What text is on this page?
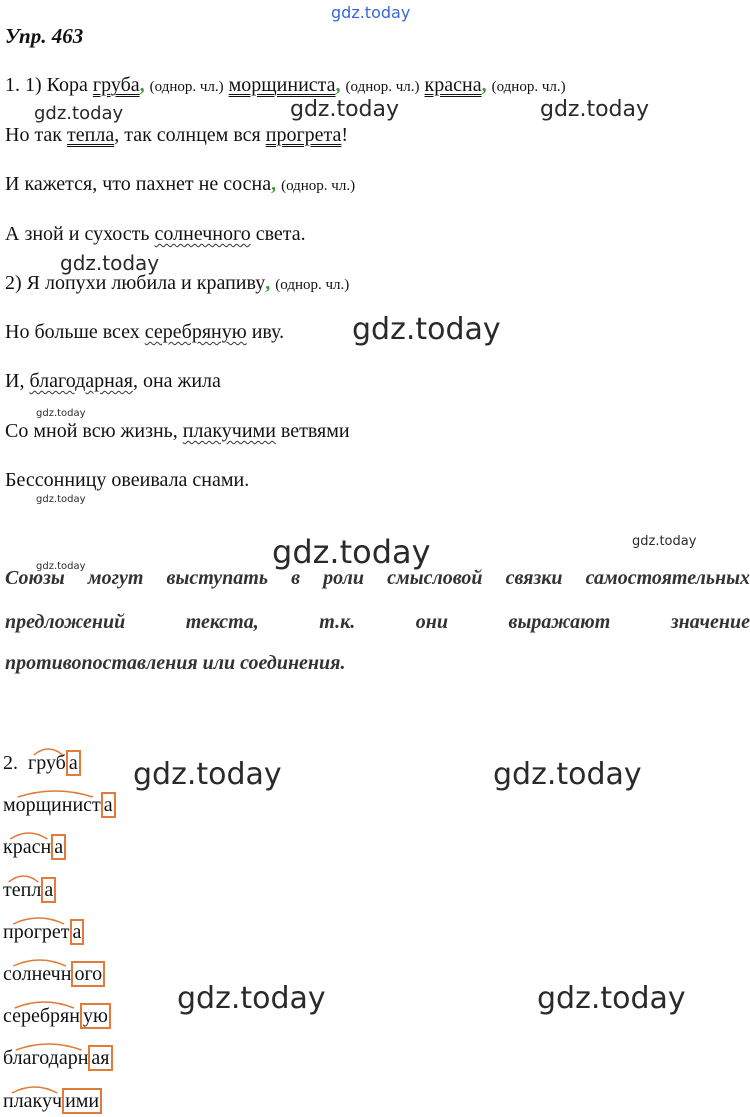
Упр. 463
gdz.today
gdz.today	gdz.today	gdz.today
gdz.today
gdz.today
gdz.today
gdz.today
gdz.today	gdz.today
gdz.today
gdz.today	gdz.today
gdz.today	gdz.today
1. 1) Кора груба, (одноp. чл.) морщиниста, (одноp. чл.) красна, (одноp. чл.)
Но так тепла, так солнцем вся прогрета!
И кажется, что пахнет не сосна, (одноp. чл.)
А зной и сухость солнечного света.
2) Я лопухи любила и крапиву, (одноp. чл.)
Но больше всех серебряную иву.
И, благодарная, она жила
Со мной всю жизнь, плакучими ветвями
Бессонницу овеивала снами.
Союзы могут выступать в роли смысловой связки самостоятельных
предложений	текста,	т.к.	они	выражают	значение
противопоставления или соединения.
2. груб а
морщинист а
красн а
тепл а
прогрет а
солнечн ого
серебрян ую
благодарн ая
плакуч ими
